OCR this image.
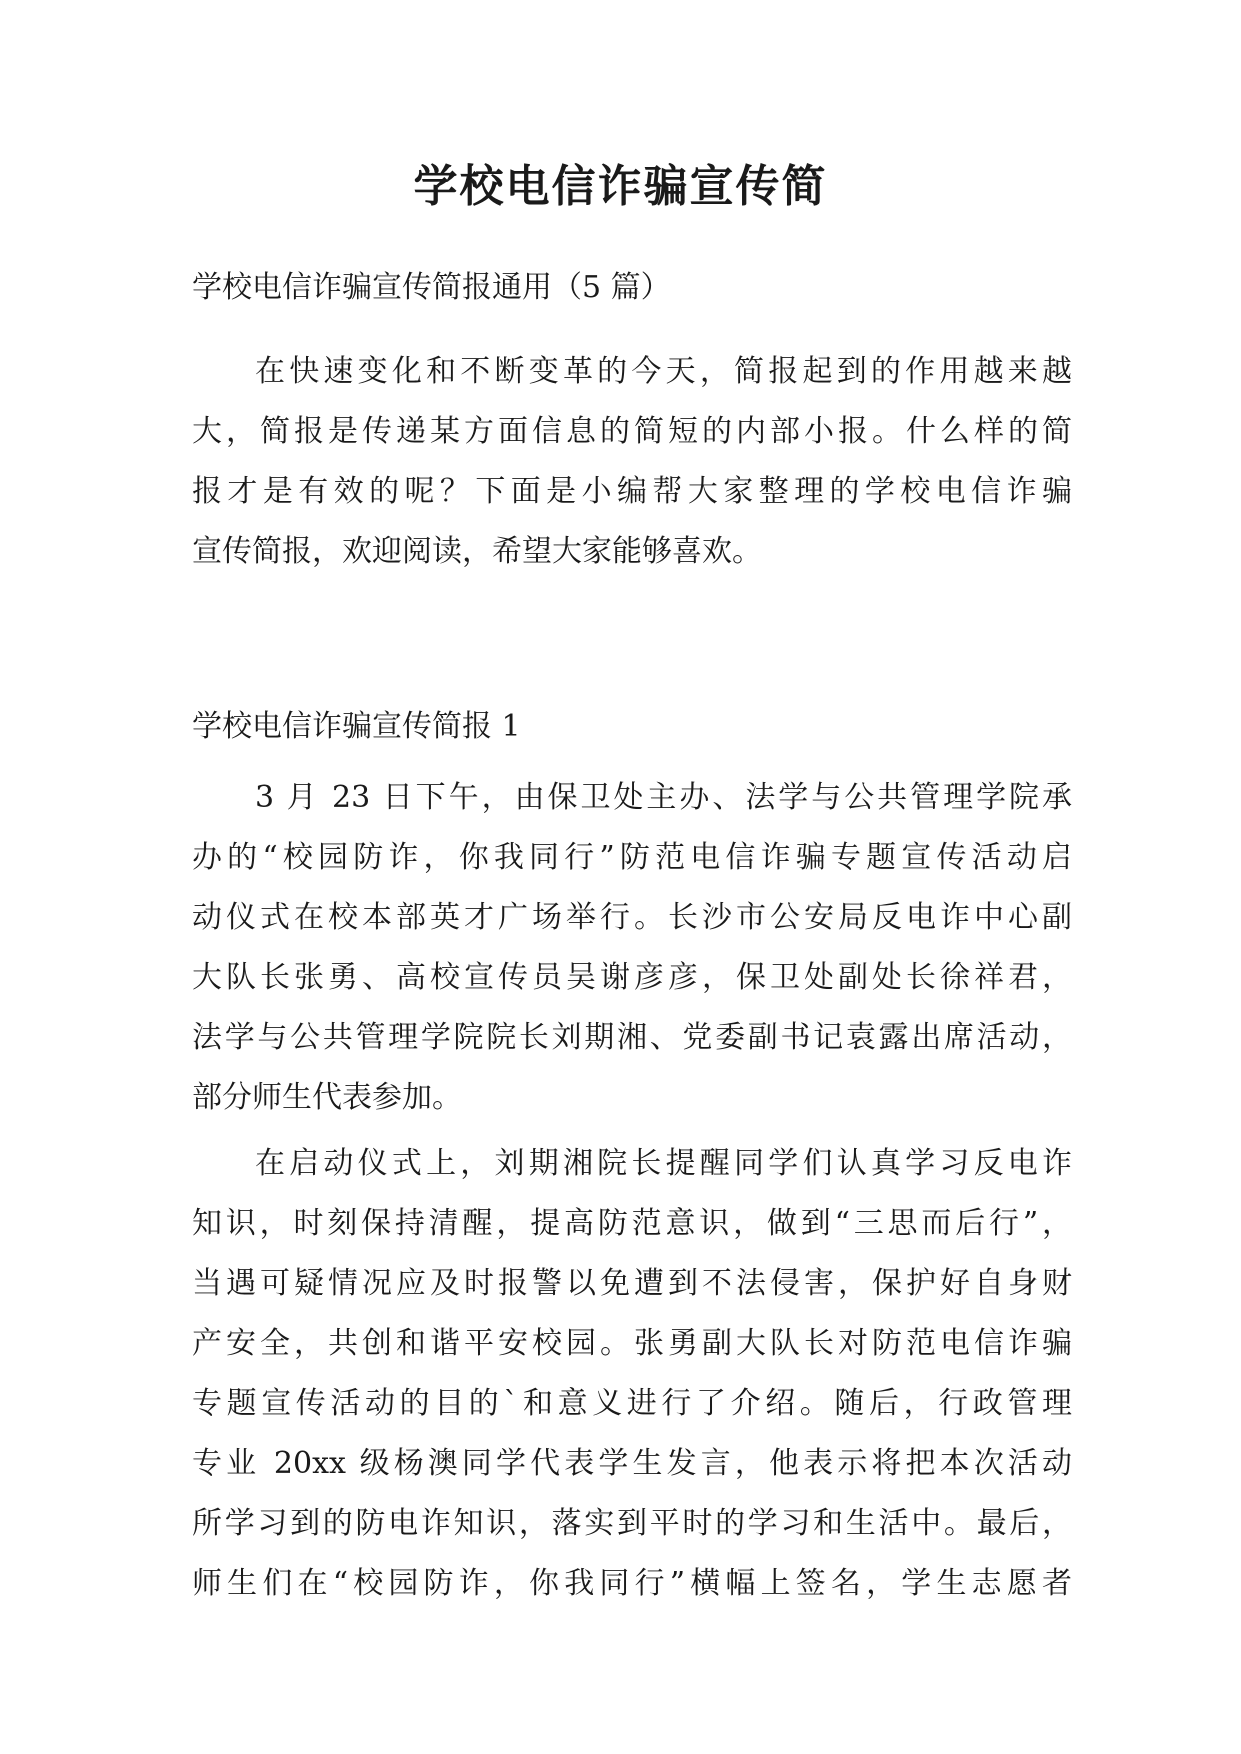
学校电信诈骗宣传简

学校电信诈骗宣传简报通用（5 篇）

在快速变化和不断变革的今天，简报起到的作用越来越
大，简报是传递某方面信息的简短的内部小报。什么样的简
报才是有效的呢？下面是小编帮大家整理的学校电信诈骗
宣传简报，欢迎阅读，希望大家能够喜欢。

学校电信诈骗宣传简报 1

3 月 23 日下午，由保卫处主办、法学与公共管理学院承
办的“校园防诈，你我同行”防范电信诈骗专题宣传活动启
动仪式在校本部英才广场举行。长沙市公安局反电诈中心副
大队长张勇、高校宣传员吴谢彦彦，保卫处副处长徐祥君，
法学与公共管理学院院长刘期湘、党委副书记袁露出席活动，
部分师生代表参加。
在启动仪式上，刘期湘院长提醒同学们认真学习反电诈
知识，时刻保持清醒，提高防范意识，做到“三思而后行”，
当遇可疑情况应及时报警以免遭到不法侵害，保护好自身财
产安全，共创和谐平安校园。张勇副大队长对防范电信诈骗
专题宣传活动的目的`和意义进行了介绍。随后，行政管理
专业 20xx 级杨澳同学代表学生发言，他表示将把本次活动
所学习到的防电诈知识，落实到平时的学习和生活中。最后，
师生们在“校园防诈，你我同行”横幅上签名，学生志愿者
